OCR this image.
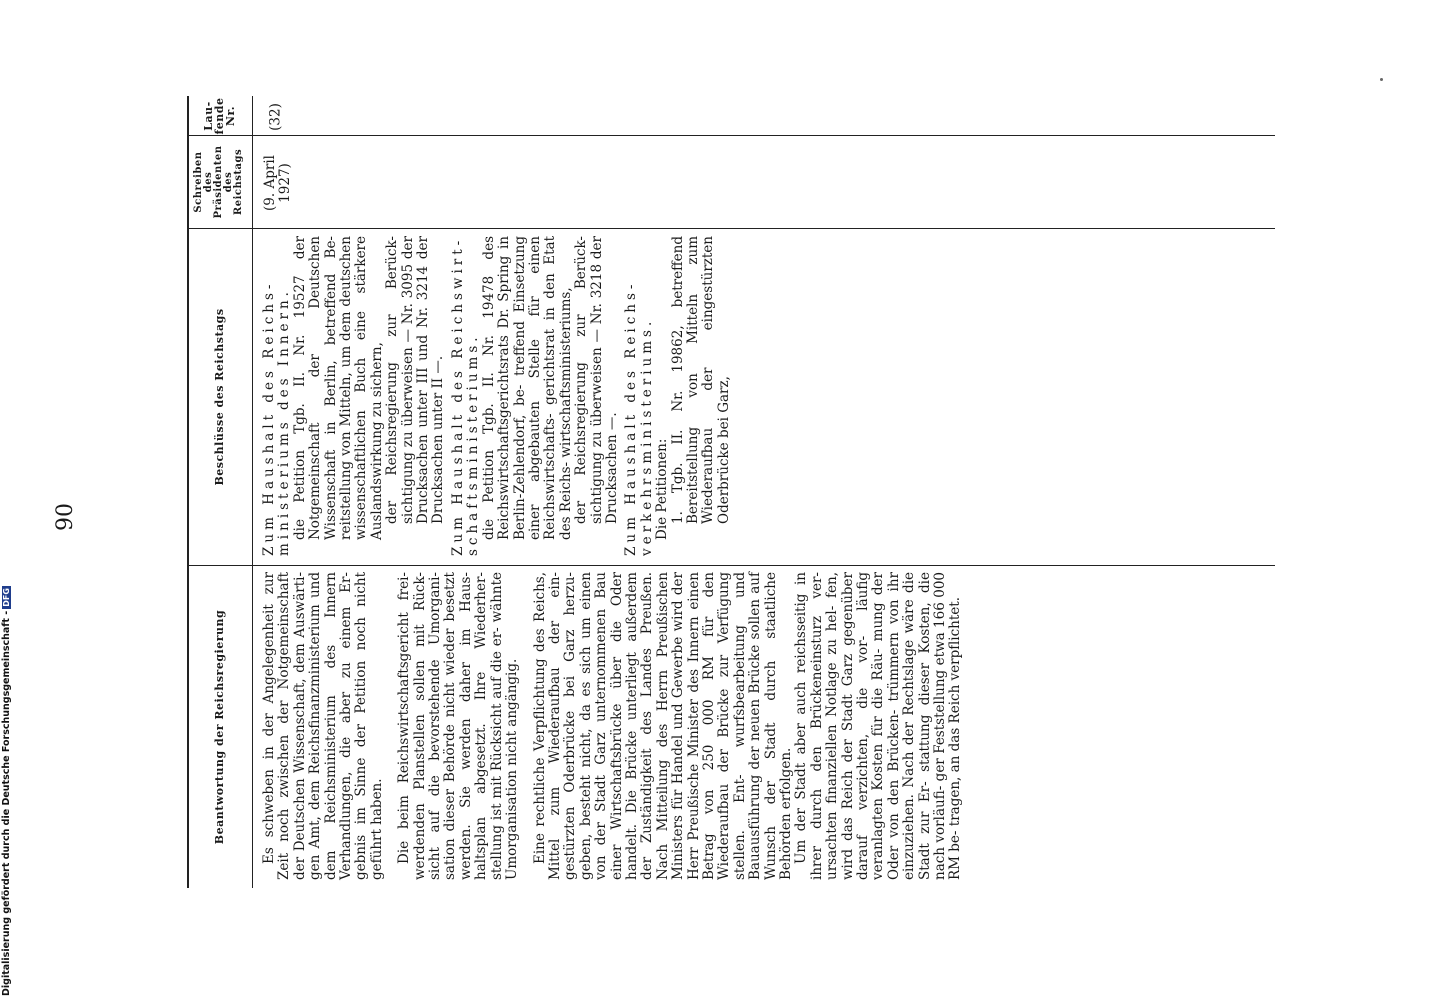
90
Lau-
fende
Nr.
Schreiben
des
Präsidenten
des
Reichstags
Beschlüsse des Reichstags
Beantwortung der Reichsregierung
(32)
(9. April
1927)
Zum Haushalt des Reichs-
ministeriums des Innern. die Petition Tgb. II. Nr. 19527 der Notgemeinschaft der Deutschen Wissenschaft in Berlin, betreffend Be- reitstellung von Mitteln, um dem deutschen wissenschaftlichen Buch eine stärkere Auslandswirkung zu sichern, der Reichsregierung zur Berück- sichtigung zu überweisen — Nr. 3095 der Drucksachen unter III und Nr. 3214 der Drucksachen unter II —.
Zum Haushalt des Reichswirt-
schaftsministeriums. die Petition Tgb. II. Nr. 19478 des Reichswirtschaftsgerichtsrats Dr. Spring in Berlin-Zehlendorf, be- treffend Einsetzung einer abgebauten Stelle für einen Reichswirtschafts- gerichtsrat in den Etat des Reichs- wirtschaftsministeriums, der Reichsregierung zur Berück- sichtigung zu überweisen — Nr. 3218 der Drucksachen —.
Zum Haushalt des Reichs-
verkehrsministeriums. Die Petitionen: 1. Tgb. II. Nr. 19862, betreffend Bereitstellung von Mitteln zum Wiederaufbau der eingestürzten Oderbrücke bei Garz,
Es schweben in der Angelegenheit zur Zeit noch zwischen der Notgemeinschaft der Deutschen Wissenschaft, dem Auswärti- gen Amt, dem Reichsfinanzministerium und dem Reichsministerium des Innern Verhandlungen, die aber zu einem Er- gebnis im Sinne der Petition noch nicht geführt haben. Die beim Reichswirtschaftsgericht frei- werdenden Planstellen sollen mit Rück- sicht auf die bevorstehende Umorgani- sation dieser Behörde nicht wieder besetzt werden. Sie werden daher im Haus- haltsplan abgesetzt. Ihre Wiederher- stellung ist mit Rücksicht auf die er- wähnte Umorganisation nicht angängig. Eine rechtliche Verpflichtung des Reichs, Mittel zum Wiederaufbau der ein- gestürzten Oderbrücke bei Garz herzu- geben, besteht nicht, da es sich um einen von der Stadt Garz unternommenen Bau einer Wirtschaftsbrücke über die Oder handelt. Die Brücke unterliegt außerdem der Zuständigkeit des Landes Preußen. Nach Mitteilung des Herrn Preußischen Ministers für Handel und Gewerbe wird der Herr Preußische Minister des Innern einen Betrag von 250 000 RM für den Wiederaufbau der Brücke zur Verfügung stellen. Ent- wurfsbearbeitung und Bauausführung der neuen Brücke sollen auf Wunsch der Stadt durch staatliche Behörden erfolgen. Um der Stadt aber auch reichsseitig in ihrer durch den Brückeneinsturz ver- ursachten finanziellen Notlage zu hel- fen, wird das Reich der Stadt Garz gegenüber darauf verzichten, die vor- läufig veranlagten Kosten für die Räu- mung der Oder von den Brücken- trümmern von ihr einzuziehen. Nach der Rechtslage wäre die Stadt zur Er- stattung dieser Kosten, die nach vorläufi- ger Feststellung etwa 166 000 RM be- tragen, an das Reich verpflichtet.
Digitalisierung gefördert durch die Deutsche Forschungsgemeinschaft -DFG
